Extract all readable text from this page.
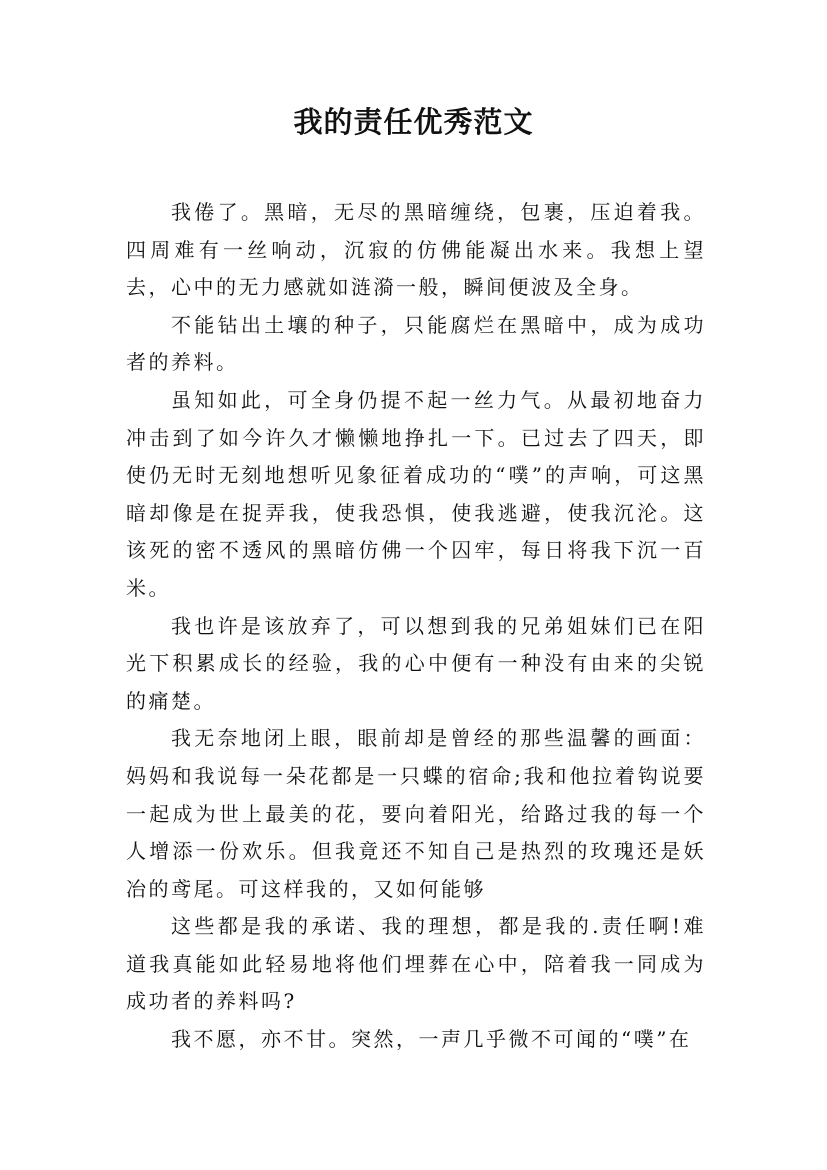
我的责任优秀范文

我倦了。黑暗，无尽的黑暗缠绕，包裹，压迫着我。四周难有一丝响动，沉寂的仿佛能凝出水来。我想上望去，心中的无力感就如涟漪一般，瞬间便波及全身。

不能钻出土壤的种子，只能腐烂在黑暗中，成为成功者的养料。

虽知如此，可全身仍提不起一丝力气。从最初地奋力冲击到了如今许久才懒懒地挣扎一下。已过去了四天，即使仍无时无刻地想听见象征着成功的“噗”的声响，可这黑暗却像是在捉弄我，使我恐惧，使我逃避，使我沉沦。这该死的密不透风的黑暗仿佛一个囚牢，每日将我下沉一百米。

我也许是该放弃了，可以想到我的兄弟姐妹们已在阳光下积累成长的经验，我的心中便有一种没有由来的尖锐的痛楚。

我无奈地闭上眼，眼前却是曾经的那些温馨的画面：妈妈和我说每一朵花都是一只蝶的宿命;我和他拉着钩说要一起成为世上最美的花，要向着阳光，给路过我的每一个人增添一份欢乐。但我竟还不知自己是热烈的玫瑰还是妖冶的鸢尾。可这样我的，又如何能够

这些都是我的承诺、我的理想，都是我的.责任啊!难道我真能如此轻易地将他们埋葬在心中，陪着我一同成为成功者的养料吗?

我不愿，亦不甘。突然，一声几乎微不可闻的“噗”在
